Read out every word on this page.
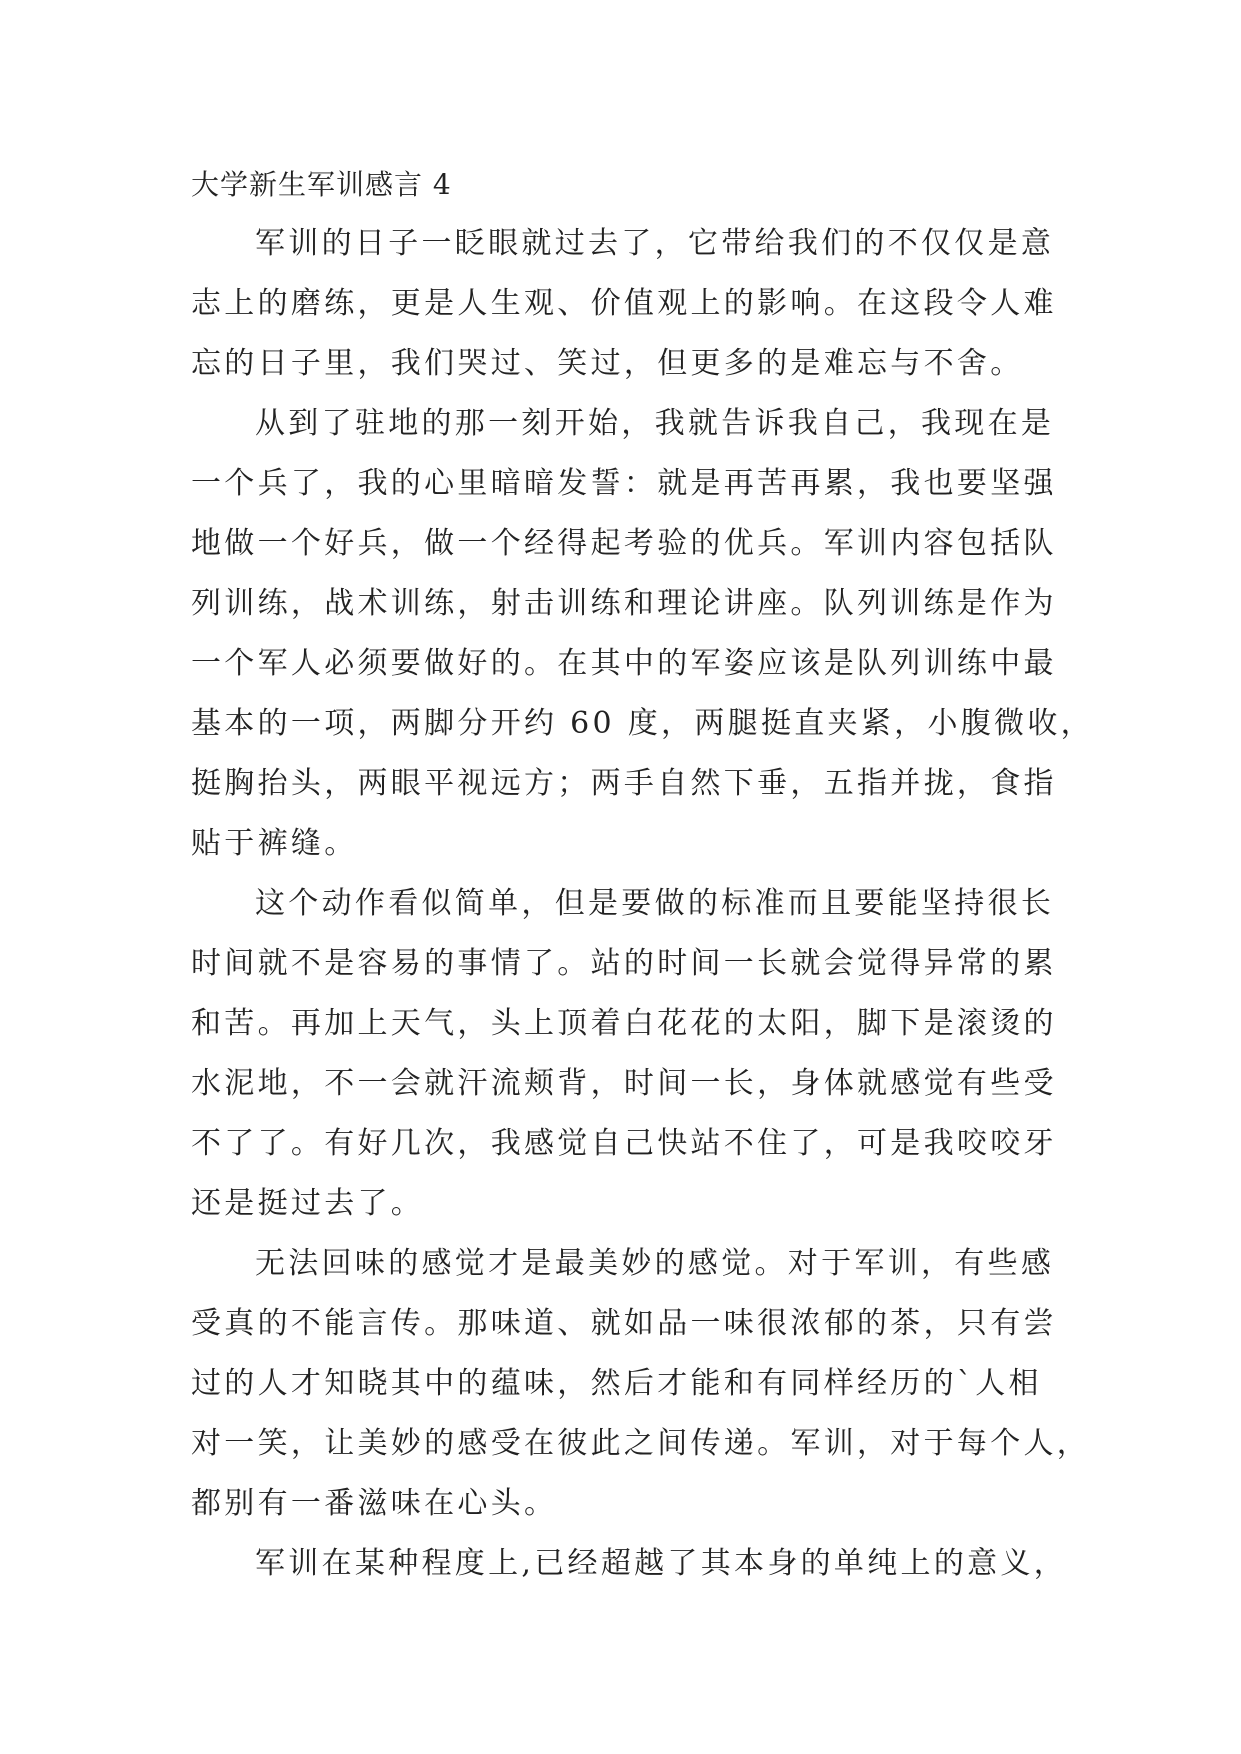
大学新生军训感言 4
军训的日子一眨眼就过去了，它带给我们的不仅仅是意
志上的磨练，更是人生观、价值观上的影响。在这段令人难
忘的日子里，我们哭过、笑过，但更多的是难忘与不舍。
从到了驻地的那一刻开始，我就告诉我自己，我现在是
一个兵了，我的心里暗暗发誓：就是再苦再累，我也要坚强
地做一个好兵，做一个经得起考验的优兵。军训内容包括队
列训练，战术训练，射击训练和理论讲座。队列训练是作为
一个军人必须要做好的。在其中的军姿应该是队列训练中最
基本的一项，两脚分开约 60 度，两腿挺直夹紧，小腹微收，
挺胸抬头，两眼平视远方；两手自然下垂，五指并拢，食指
贴于裤缝。
这个动作看似简单，但是要做的标准而且要能坚持很长
时间就不是容易的事情了。站的时间一长就会觉得异常的累
和苦。再加上天气，头上顶着白花花的太阳，脚下是滚烫的
水泥地，不一会就汗流颊背，时间一长，身体就感觉有些受
不了了。有好几次，我感觉自己快站不住了，可是我咬咬牙
还是挺过去了。
无法回味的感觉才是最美妙的感觉。对于军训，有些感
受真的不能言传。那味道、就如品一味很浓郁的茶，只有尝
过的人才知晓其中的蕴味，然后才能和有同样经历的`人相
对一笑，让美妙的感受在彼此之间传递。军训，对于每个人，
都别有一番滋味在心头。
军训在某种程度上,已经超越了其本身的单纯上的意义，
